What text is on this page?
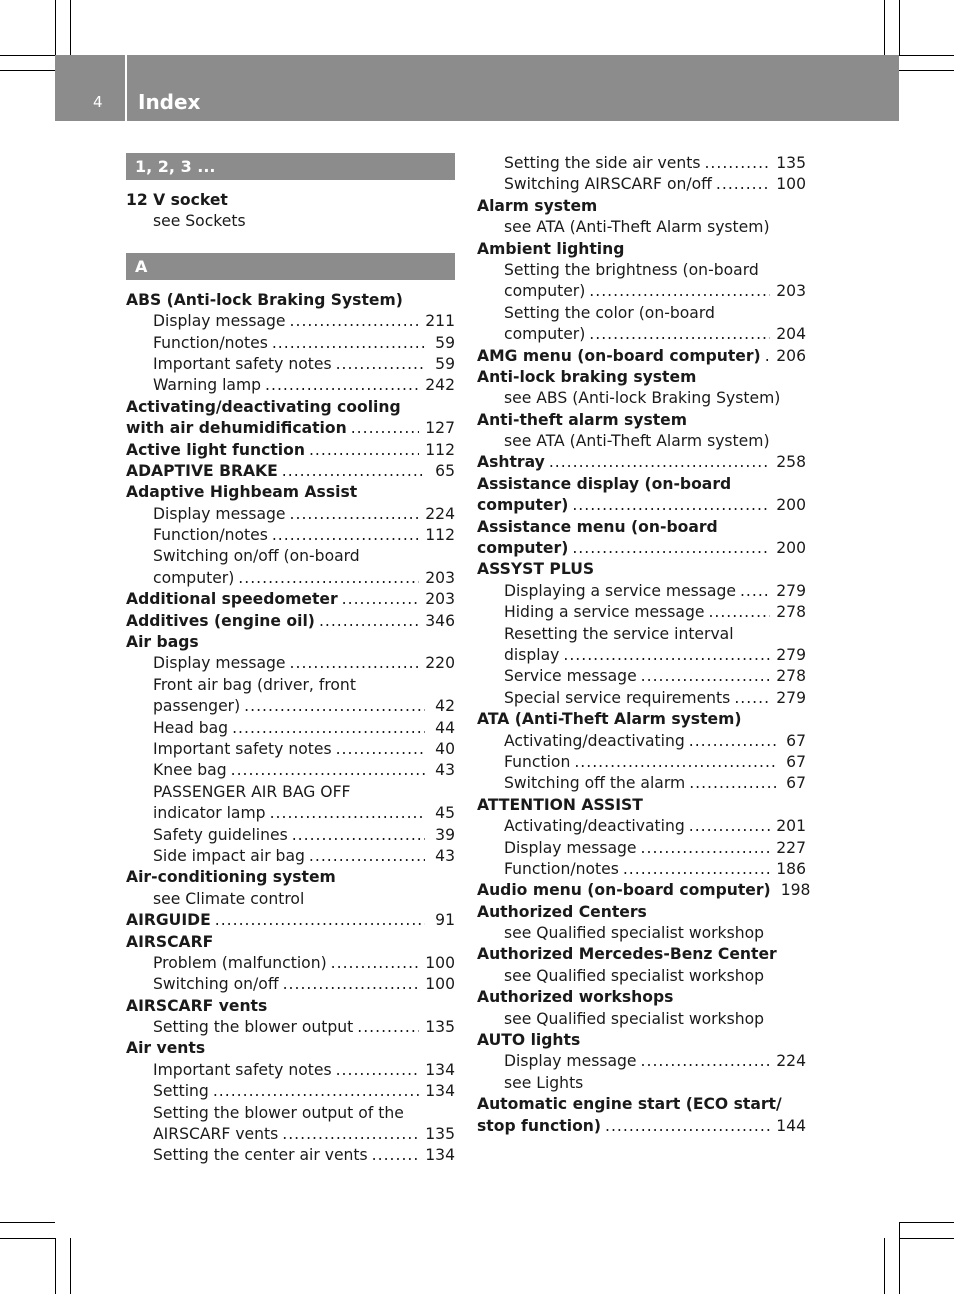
4 Index
1, 2, 3 ...
12 V socket
see Sockets
A
ABS (Anti-lock Braking System)
Display message .....	211
Function/notes .....	59
Important safety notes .....	59
Warning lamp .....	242
Activating/deactivating cooling
with air dehumidification .....	127
Active light function .....	112
ADAPTIVE BRAKE .....	65
Adaptive Highbeam Assist
Display message .....	224
Function/notes .....	112
Switching on/off (on-board
computer) .....	203
Additional speedometer .....	203
Additives (engine oil) .....	346
Air bags
Display message .....	220
Front air bag (driver, front
passenger) .....	42
Head bag .....	44
Important safety notes .....	40
Knee bag .....	43
PASSENGER AIR BAG OFF
indicator lamp .....	45
Safety guidelines .....	39
Side impact air bag .....	43
Air-conditioning system
see Climate control
AIRGUIDE .....	91
AIRSCARF
Problem (malfunction) .....	100
Switching on/off .....	100
AIRSCARF vents
Setting the blower output .....	135
Air vents
Important safety notes .....	134
Setting .....	134
Setting the blower output of the
AIRSCARF vents .....	135
Setting the center air vents .....	134
Setting the side air vents .....	135
Switching AIRSCARF on/off .....	100
Alarm system
see ATA (Anti-Theft Alarm system)
Ambient lighting
Setting the brightness (on-board
computer) .....	203
Setting the color (on-board
computer) .....	204
AMG menu (on-board computer) ..... 206
Anti-lock braking system
see ABS (Anti-lock Braking System)
Anti-theft alarm system
see ATA (Anti-Theft Alarm system)
Ashtray .....	258
Assistance display (on-board
computer) .....	200
Assistance menu (on-board
computer) .....	200
ASSYST PLUS
Displaying a service message .....	279
Hiding a service message .....	278
Resetting the service interval
display .....	279
Service message .....	278
Special service requirements .....	279
ATA (Anti-Theft Alarm system)
Activating/deactivating .....	67
Function .....	67
Switching off the alarm .....	67
ATTENTION ASSIST
Activating/deactivating .....	201
Display message .....	227
Function/notes .....	186
Audio menu (on-board computer) 198
Authorized Centers
see Qualified specialist workshop
Authorized Mercedes-Benz Center
see Qualified specialist workshop
Authorized workshops
see Qualified specialist workshop
AUTO lights
Display message .....	224
see Lights
Automatic engine start (ECO start/
stop function) .....	144
